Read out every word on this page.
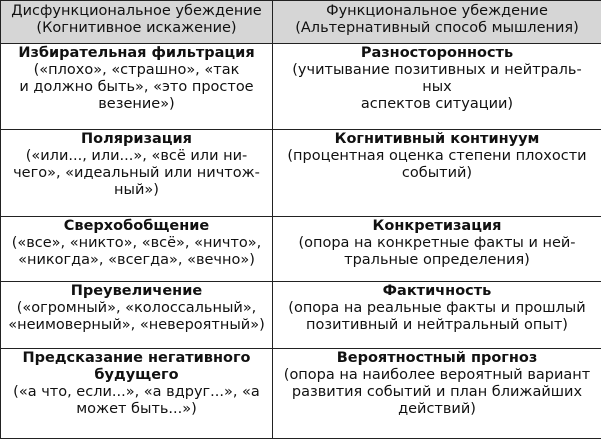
Дисфункциональное убеждение
(Когнитивное искажение)	Функциональное убеждение
(Альтернативный способ мышления)

Избирательная фильтрация
(«плохо», «страшно», «так
и должно быть», «это простое
везение»)	Разносторонность
(учитывание позитивных и нейтраль-
ных
аспектов ситуации)

Поляризация
(«или..., или...», «всё или ни-
чего», «идеальный или ничтож-
ный»)	Когнитивный континуум
(процентная оценка степени плохости
событий)

Сверхобобщение
(«все», «никто», «всё», «ничто»,
«никогда», «всегда», «вечно»)	Конкретизация
(опора на конкретные факты и ней-
тральные определения)

Преувеличение
(«огромный», «колоссальный»,
«неимоверный», «невероятный»)	Фактичность
(опора на реальные факты и прошлый
позитивный и нейтральный опыт)

Предсказание негативного
будущего
(«а что, если...», «а вдруг...», «а
может быть...»)	Вероятностный прогноз
(опора на наиболее вероятный вариант
развития событий и план ближайших
действий)
